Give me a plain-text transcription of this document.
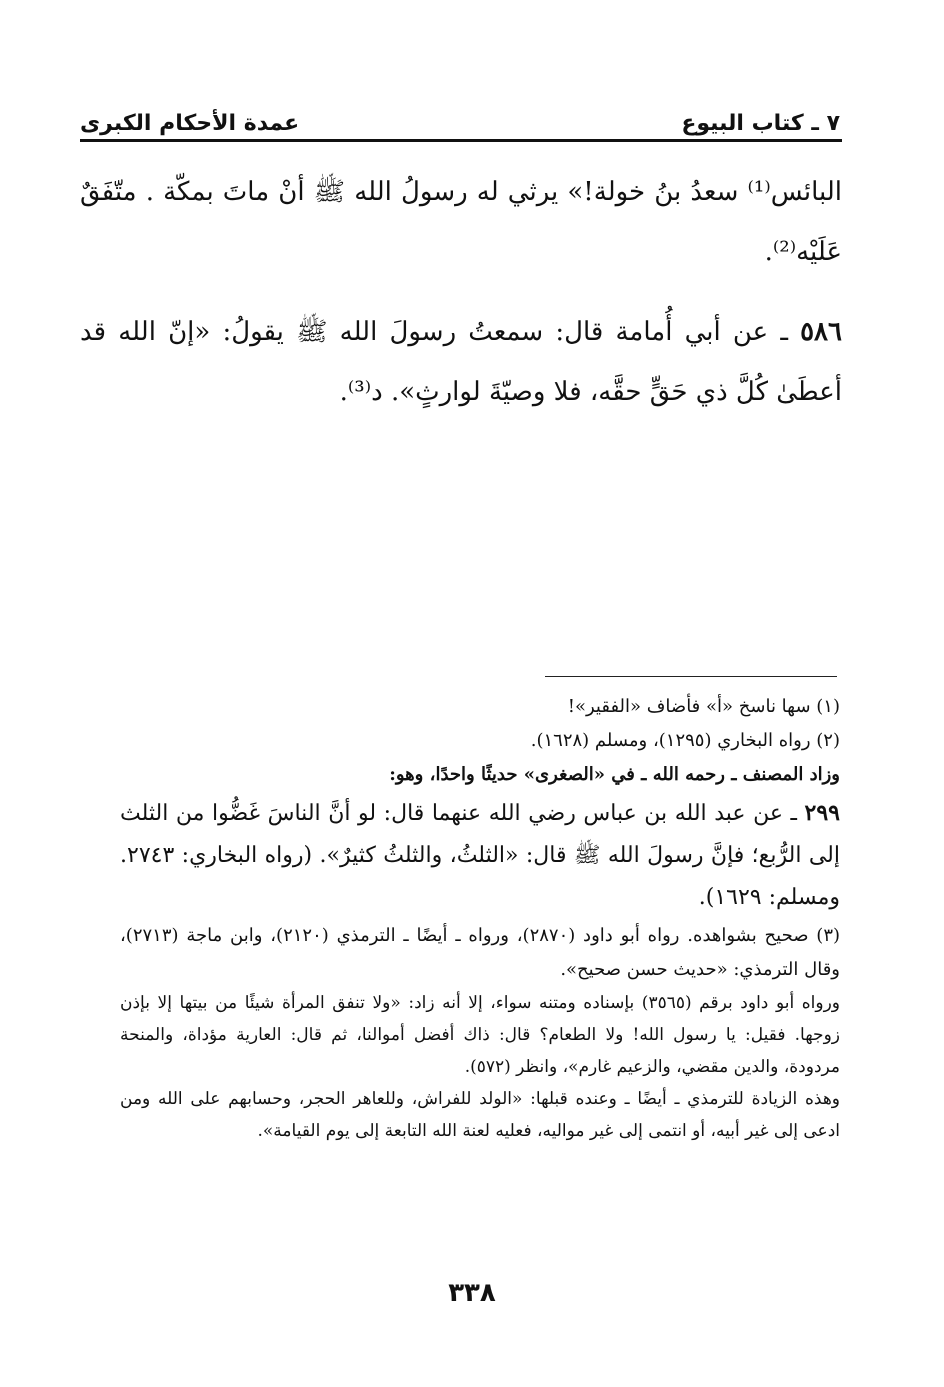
٧ ـ كتاب البيوع
عمدة الأحكام الكبرى

البائس⁽¹⁾ سعدُ بنُ خولة!» يرثي له رسولُ الله ﷺ أنْ ماتَ بمكّة . متّفَقٌ عَلَيْه⁽²⁾.

٥٨٦ ـ عن أبي أُمامة قال: سمعتُ رسولَ الله ﷺ يقولُ: «إنّ الله قد أعطَىٰ كُلَّ ذي حَقٍّ حقَّه، فلا وصيّةَ لوارثٍ». د⁽³⁾.

(١) سها ناسخ «أ» فأضاف «الفقير»!

(٢) رواه البخاري (١٢٩٥)، ومسلم (١٦٢٨).

وزاد المصنف ـ رحمه الله ـ في «الصغرى» حديثًا واحدًا، وهو:

٢٩٩ ـ عن عبد الله بن عباس رضي الله عنهما قال: لو أنَّ الناسَ غَضُّوا من الثلث إلى الرُّبع؛ فإنَّ رسولَ الله ﷺ قال: «الثلثُ، والثلثُ كثيرٌ». (رواه البخاري: ٢٧٤٣. ومسلم: ١٦٢٩).

(٣) صحيح بشواهده. رواه أبو داود (٢٨٧٠)، ورواه ـ أيضًا ـ الترمذي (٢١٢٠)، وابن ماجة (٢٧١٣)، وقال الترمذي: «حديث حسن صحيح».

ورواه أبو داود برقم (٣٥٦٥) بإسناده ومتنه سواء، إلا أنه زاد: «ولا تنفق المرأة شيئًا من بيتها إلا بإذن زوجها. فقيل: يا رسول الله! ولا الطعام؟ قال: ذاك أفضل أموالنا، ثم قال: العارية مؤداة، والمنحة مردودة، والدين مقضي، والزعيم غارم»، وانظر (٥٧٢).

وهذه الزيادة للترمذي ـ أيضًا ـ وعنده قبلها: «الولد للفراش، وللعاهر الحجر، وحسابهم على الله ومن ادعى إلى غير أبيه، أو انتمى إلى غير مواليه، فعليه لعنة الله التابعة إلى يوم القيامة».

٣٣٨
